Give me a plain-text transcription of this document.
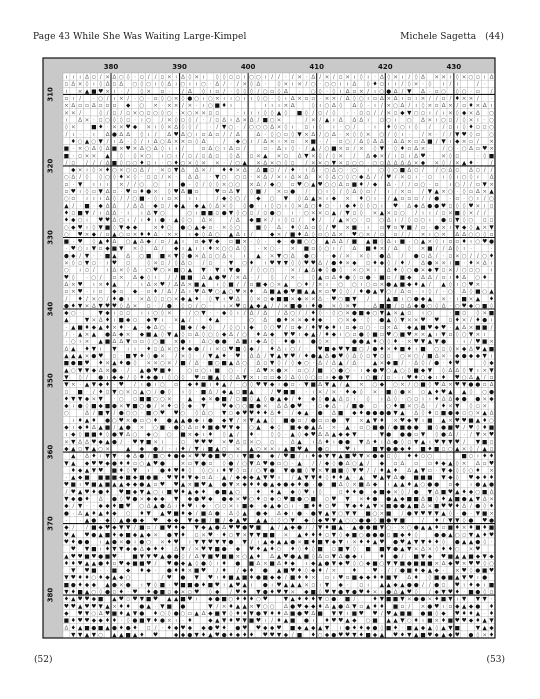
Page 43 While She Was Waiting Large-Kimpel	Michele Sagetta (44)
ı ı ı ∆ ▫ ∕ × ∆ ○ ◊ · ▫ ∕ ∕ ▫ × ı ∆ ◊ × ı ◊ ◊ ▫ ▫ ı ○ ○ ı ∕ ∕ · ∕ × · ∆ ∕ × ∕ ▫ × ı ◊ ı · ∆ ◊ × ı ∕ ◊ ∆ × × ı ◊ × ○ ▫ ı ∆
▫ ∆ × ◊ ı ◊ ∆ ▫ ∆ ○ ◊ ○ ı ◊ ∆ ı ○ ı ı ○ · ∆ ∕ · ∕ × ◊ ∆ · ◊ × ı × ∕ ○ · ○ ○ ı ı ∆ ◊ ♦ ▫ ı ı ∕ ◊ × · ◊ ı ∕ ı	∕ ·
ı × ▲ ■ ♥ × ı · ∕ ◊ × ▫ · ∕ ∆ ◊ ı ▫ ∕ · ◊ ◊ ◊ ∕ ○ ▫ ◊ ∆ · ○ ◊ · ◊ ı ∆ ▫ × ∕ ı ○ ● ∆ ∕ ▼ ∆ · ▫ ○ ◊ ○ · ▫ ∕
▫ ı ∕ · ○ ∕ ı × ∕ · ○ · ▫ ◊ ○ × ◊ ● ○ ı ○ × ı ı ○ ı ı ◊ ○ · ◊ ı ∆ × ▫ ▫ · × × ∕ ∆ ◊ ○ ı ▫ ∆ × ∆ ı ▫ ı × ∕ ∕ ▫ ∕ ♦ × × ∕ ·
× ∆ ▫ ▫ ∆ ▫ ▫ ▫ ◆ ○ × · × × ∕ × · ı ○ ■ ♦ ı	ı ı ı × ∆	◊ ı ○ ∆ ◊ ∆ ◊ · ı ∕ × ○ ∆ ∕ ı ◊ × ▫ ∆ × ∕ ▫ ♦ × ∆ ı
× × ∕	◊ ∕ ▫ ∕ ▫ × ○ ▫ ○ ◊ ○ · × ○ × × ▫ ▫	· ı ı ı ◊ ◊ ▲ ◊ ■ ◊ ∕ ▫ ∕ ◊ · · ▫ ▫ ∕ ∕ × ▫ ◆ ▼ ○ ▫ ı ∕ ı × ◊ ◆ × ∆ ○
ı ∆ × · ▫ ○ ◊ ◊ ▫ · ı ○ ∕ × ◊ ▫ ◊ ∕ · ∕ ▫ ∆ ı ∆ × ∆ ∕ ■ ○ ×	∕ × ∕ ▲ ı ∆ ∆ ∆ ı ▫ ○ ı ○ ∆ × ı ○ ▫ ∕ ◊ × ı · ○
◊ ×	■ ♦ · × × ♥ ◆ × ı ◊ × ∆ ◊ ◊ ∕ · ∕ ▼ ○ · ∕ ○ ○ ○ ∆ × ◊ ı ▫ ı ◊ ı · ○ ∕ · ı ♦ ◊ ○ ı ◊ ∕ ∕ ▫ ı ◊ ♦ ▫ ▫ ○
∕ ı · · ı ∆ ● ∆ ∆ ◊ ı ∕ ∆ ♥ ∆ ○ ı ▫ ∆ ▫ ∕ ∕ ∆	∆ · ◊ ○ ▫ ◊ ▼ × ∆ ∕ ○ ∆ · × ◊ ◊ × ○ ∕ ◊ ı · ∕ × · ∕ ∕ ▼ ♥ ◊ ▫ ○
♦ ○ ▲ ○ ▼ ∕ ı ∆ · ◊ ∕ ı ∆ ○ ∆ × × ▫ ◊ ∆ · ∕ ◆ ○ ı ∕ ∆ × ı × ▫ × ■ · ∕ · ▫ ○ ∕ ∆ ◊ ∆ ∆ · ∆ ∆ × ▫ ∆ ■ ∕ ▼ ı ◆ × ▫ ∕ ×
■ · × ○ ∆ ◊ ∆ ■ × ♥ × ∆ ○ ∆ ◊ ı ı ∕	▫ ∆ ○ ı ∆ ▫ ∕	▫ · ∆ ı ◊ · ∕ ▲ ∕ ○ ■ × ▫ ∕ × ◊ ▼ · ◊ ♦ ▫ ∆ × · ∕ ○ · ○ ∆ ▫ ♥ ×
■ · ▫ × × ▲ ◊ · ◊ × ○ ı ○ ı ∕ ▫ ∕ ▫ ∆ ▫ ◊ ∆ ▫ × ▲ × ▫ ∆ ▼ × ◊ ∕ ◊ × ∕ ∆ ◆ × ∕ ı ▫ ı ∆ ♥ · × ◊ ▫	· ◊ ■
∕ ▫ ∕ ∕ ∕ ∆ ■ ◊ ○ ○ ♦ ▫ ı · ○ ♦ ○ × ◊ × × · ∕ ○ ▲ × ∆ × ○ ◊ ▫ ∕ × × ○ ▼ × ▫ ○ ○ · ○ ▫ ∆ ∆ ∆ ∆ × ◆ × ◊ ∕ × ▲ ♦ · ∕
◆ × ı ◊ × ♦ ○ × ○ ▫ ∆ ∕ · × ▫ ▼ ∆ ∆ × ∕ ♦ ♦ × ∆ · ∆ ■ ▫ ∕ ∕ ♦ · ı ∆ · ○ ∆ ○ · ○ ı ○ ◊ ○ ■ ∆ ▫ ∕ ∕ ○ ∆ ▫ ∆ ▫ ∕ ∕
○ ∆ ∕ ◊ ◊ ○ ◊ ♦ × ◊ · ▫ ▫ ∕ × · ∆ ∆ · ▼ ○ ○ ▫ · × ∆ ∕ × ı ∆ × ∆ × ◊ ∆ ○ ◊ ○ ◆ ∆ ∕ ∕ ♥ ∕ × ▫ ı · ▫ ı ◊ ı ○ ◊ ı ∆
▫ · ▼ ı ı ı × ∕ ∕ ○ ○ ı ● · ◊ ∕ ◊ ◊ × ○ ○ × ∆ ∕ ◆ ○ ▫ ♥ ○ ▲ ♥ ○ ○ ∆ ▫ ■ ♦ ∕ ◆ ∆ · ∕ ∕ ▫ ○ · ▫ ı ○ ∕ ∕ ▫ ▼ ×
▫ ♥ ı ◊ ▫ ▼ ∆ ▫ · ♥ ▫ ♦ ● × ◊ ♥ ∆ ■ ▫	♥ ▫ ∆ ▼ ◊ ■ ∕ × ▫ ● ∕ ○ ı ◊ ∕ ◊ ∆ ◊ ▫ ∕ ı ∕ × ▫ ∕ ▼ ▲ × ○ · ◊ ▫ ∆ × ▲
○ ▫ ı ı ı ∆ ◊ ∕ ∕ ○ ■ · ◊ ı ▫ × ı ı	∕ ◆ ◊ ○ ∕ ◆ ○ ▼ ◊ ∆ ▲ × ı ◆ × ♦ ○ ı · ∕ ▲ ▫ ▫ ▫ ∕ ∕ ● · ▫ · ○ ı ∕ ○
▲ ∕ · ■ · ◆ ∆ ∆ ∕ ∆ ∆ · ◆ ▫ ∕ ◆ ▲ · ◆ ▲ ◊ ∆ × ◊ ◊ ● · ı ◊ ○ ı ◊ × ∆ ○ ♦ ▫ · ı ◆ ♦ ◊ ◊ ○ ı ♥ · ∆ ◆ ∆ ● ● ♥ ▫ ◊ ◊ ♥ × ı ▫
♦ ▫ ■ ▼ ∕ ı ∆ ∆ · ı ı ∆ ▼ ○	○ ı ■ ■ ▫ ● ▼ ◊ ○ ▫ ∕ ▫ ● ○ ı · ○ × × ▫ ▲ ∕ ▼ ▫ ◊ × ▲ × ▫ ○ ∕ ı ı ∕ ▫ × ■ ◊ × ∕ ∕ ·
♦ ◆ ○ ı ♥ ♥ ∆ ○ ı ∕ ı ♦ ı ● · ▲ ◊ ○ ∆ ×	∕ ∆ ◆ ■ × ∕ ı ◊ ▫ ∕ ♦ ∕ ∕ ▲ × ○ · ▫ ○ ∆ ı ∕ ◊ ▫ ○ ı · ● ▫ ▼ ◊ ○ ▫ ▫
○ ◆ ♥ ı ◊ ▼ ■ ◊ ▼ ◆ ◆	× ♦ ○ ● ○ ▲ ◆ ▫ · × ◊ ○	■ ◊ · ∆ · ♦ ◊ ∆ ▫ ◊ ∕ ♥ × ■ · ı ▫ ▼ ▫ ▼ ■ ∕ ▫ · ● × ı ▼ ◆ ◊ ▲ × ▼
○ ♥ × ◆ ∕ ▫ ▲ ○ ▫ × ♦ ♦ ∆ · × × ı ◆ ◊ ∆ ○ · ▲ ∆ ı ∕	◆ × ∕ ■ ♦ ∆ ◊ ▫ ○ ∆ × · ♥ ○ × ∕ ▫ ▫ ∕ ∕ · × ı ○ × ∆ ∆ ○ ○ ◊ ▫
■ · ♥ ◊ ▲ ♦ ∆ ○ ▲ ∆ ◆ ∕ ▫ ∕ ▲ ı ▫ ◆ ▼ ◆ ▫ ■ × · ◊ · ◆ · ● ■ ○ ○ ▲ ∆ ∆ ∕ ■ ▲ ■ ◊ ∆ ı ■ · ○ ▲ × ◊ ı ▫ ▫ ♦ ı ○ ♥ ●
· ♥ ○ ı ▼ ▫ ◆ ■ ▼ × ◊ ∆ ∕ ◆ ı ▲ ı ı ♦ × ○ ○ ∆ ◊ · × ○ · × ■ ▫ ◊ ○ ı ∕ ∆ ■ ♦ × ∕ ∆ ◊ × ■ ∕ ∕ ∆ ◊ ı ·	·
● ◆ ∕ ▼ · · ■ ▲ ∆ ○ ■ ■ × ▼ ◊ ● × ∆ ▫ ○ ∆ ı ı ▲ · × ▼ ○ ∆ ● ○ · · ◆ ∕ × × ◊ · ● ∆ ∕ ● ▫ ∆ ∕ · ▫ × ○ ∕ ∕ ○ ♦
× ◊ ▫ ▼ ▫ · ı ♥ ▫	◊ × ▫ ∕ ◊ ∆ ▫ ∕ ▫ · ▼ ○ ♦ ı ♥ ▼ ▼ ◊ ◊ ♥ ♥ ∆ ∕ ● ♦ × ◆ ▫ ♦ ◆ ◊ ∕ ♦ ∕ ∆ ● × × ı ■ · ♦ × ∆ ı
○ ı ▫ ∕ ı ∆ × ◊ ∆ · ○ ♥ ○ × ■ ○ ▲ ▼ · ▼ ı ▼ ● ∕ ◊ ○ ○ · × ∕ ▲ ∆ ◆ ◊ ● ◊ · × ○ × ı ∆ ♦ ◊ ○ ● × ◆ ▼ ▫ × ∕ ○ ▫ ○ ı
♥ ◊ · ○ ∕ ▫ × ∆ ◆ ◊ ı ∕ ∕ ■ ■ ∆ ▲ ● ♥ ∕ × ∆ · ∕ ◊ ∕ × · ◊ ▲ ▫ ∆ ♦ ● ◊ ▫ ● · ■ ▫ ∕ ■ ◆ ∆ ∆ ∕ ▫ ı ♦ ∆ ○ ♦
∆ × ♥ ı × ♦ ▲ ∕ · ı ∆ × ♥ ∕ ∆ ∆ × ■ ▲ ı ◊ ■ ∕ ∕ ▫ ■ ◆ ○ × ▲ ○ ♦ ∕ × ı · ○ ○ ı ○ ▫ × ● ▲ ■ ◆ ♦ ▲ ∕ ▲ ◊ ı ○ ♥ × · ·
▫ × ♥ · ı ▫ ◆ ▫ ◆ · ▫ ♦ ∕ ∆ ∕ ∆ ı ♥ ∆ ♥ ○ ▲ ○ ♥ × ♦ ∆ ■ ▲ ● ♥ ■ ▲ ▲ × ▫ ♥ ◊ ◊ ∕ ♦ ● ▲ ▼ ○ ∕ ∆ ▫ · ı ◊ ∕ · ○ ∆ ◊ ■ ○ ▲
∕ ♦ ∕ × ○ ∕ ♦ ● ı · × ∆ ◊ ▫ ○ × ◆ ▲ ♦ · ◊ ▼ ı ♥ ∆ ◊ × ▫ ◆ ■ ■ × ◆ × × ∆ · ♥ ○ ■ ▼ ∕	▲ ■ ı ○ ● ◆ ▲ × · ı ■ × ▲ ♦
● ♦ ▼ × ∆ ▼ ♥ ♥ ◊ ∆ × ▫ · ∕ ● · ◊ ▫ ∕ ○ · ı × ♥ ▫ ▲ ◆ ▲ ∕ ∕ × ■ ● ı ♦ ● × ◊ × ▼ · ∆ ■ ■ ∕ ▫ ∆ ◆ ● ○ ◊ ∆ · ○ ♥ ◆ ○ ■ ◊
◆ ○ ·	▼ ◆ ı ▫ ▫ ı ı ○ ◊ × · ∕ ○ ▼ · · ◆ ◊ ı ∕ ∆ ∕ ∆ ∕ ∆ ○ ∕ ∕ ♦ ◊ · ◊ ○ × ● ■ ◆ ○ ▼ ▲ × ▲ ▫ ı ○	· ■ ▫ ◊ × ■
▲	▼ × ∆ ♦ ı ■ ◆ ▫ ◆ ▼ ı × ▲ ∕ · ♦ ▲ · ·	○ ∆ ● ♦ × × ◆ ♦ ◆ · · ○ × ◆ · ◊ · ● ▲ ◊ ▼ × × ♥ · ♥ ▫ ♦ × ∕ ♦ ● ı
· ▲ ■ ♦ ◆ ▲ ♦ × ♦ · ▲ · ◆ ∆ ○ · ■ ◆ ∕ ◆ ◊ ∕ ◊ ○ ı ◆ ◊ ○ ♥ ∕ ▫ ◆ ∕ ♦ ▼ ◆ ♦ ı ▫ ◆ ▫ ○ · ▫ × ∆ ◆ ▲ ■ ♥ ◆ ♥ · ▲ ∆ × ■ ■ ∕
∕ · ▲ × ▲ ● ∆ ◆ × ◆ ■ ▲ ◊ ▼ ▲ ◊ ▫ ∆ ◊ ○ ◊ ◆ ∆ ∕ ○ ♦ ∆ ◆ ▼ ♥ ı ◆ ▲ ∕ ♦ ◆ ı ○ ▫ ● ◊ ■ ▫ ♥ ○ ■ ♥ × × ▲ ı ▼ ▫ ◊ ○ ▼ × ı
· ○ ı × ▲ ■ ∆ ∆ ▼ ▫ ▫ ◊ ○ ■ × ● ı ∆ ○ ● ● ∆ ■ ı ◆ ∆ ◊ · ♦ ● ı ● ◊ ×	● ● ▲ ♦ ○ ◊ ♦ · × ♥ ▼ ▲ ▼ ● · ı ∕ ♥ ■ ×
∆ ▲ ♦ ▼ ı ▼ ı ı · ♦ ▫ ∆ × ○ ♦ ◆ ● ∕ ı × ▫ ♥ ■ ◊ ◆ ∕ ♦ ∆ ı ○ ∕ · ♥ ■ ◆ ♥ ▼ ■ ○ ∕ ● ♦ × ♦ ■ ♦ ı ■ ○ ▫ ◊ × ◆ ∆ ♥ ▲ ■
▲ ▲ ▲ × ● ♥ ▫ · ■ ▼ ♦ ◊ ● × ∕ × ◊ · ∕ ▼ ▲ ♦ · ♥ · ∆ ∆ ∕ ▼ ▲ ▼ ♥ ∕ ♦ ● ▲ ∆ ● ♥ ◊ ∆ ◊ ▫ ▼ ▫ ▫ ○ × ○ ∕ ■ ∆ × · ◆ ● ◆ ◆ ▼ ı
■ ● ■ ♥ ♦ × ▲ ♦ ● ◊ × × ○ × ∕ ■ ∕ ∆ · ■ ○ ■ ▲ ∆ ○ ∆ ▫ ▼ ◊ ∕ ◊ ◆ ○ · ∆ ∕ ∆ ▲ ∕ ∆ · ▲ × ◆ ■ ∕ · ∆ ◊ ∕ ● · ♦ ♥	◊ ◆
▲ ○ ▼ ▼ ◆ ∆ × ● · ∕ · ▲ ● ♥ ■ ♦	○ ▫ ○ ı ■ ○ · ∕ · ∆ ♥ × ● × · ▫ ○ ∕ ■ ○ ● ○ · ı ◆ ● ♥ ○ ▲ ○ ◊ ■ ◆ ▼ ◊ ∆ ∆ ◊ ▼ ı × ▼
▼ ◊ ∕ ● ı ◆ ◆ ∕ ◊ ♦ ◆ ● ı ◊ ○ ◊ ♥ ▫ ■ ▲ ◊ ◊ ∆ ▼ × ı ▫ ▫ ◆ ◊ ∆ ◊ ◊ ○ ▫ ı ◆ ● ▼ ı ○ ■ ∕ ▫ · ı ♥ ♦ ○ ◆ ı ♦ ♥ ○ ∆ ▲ ∕ ▫
▼ × · ▲ ▼ ◆ ♦ · ♥ ∕ ı ● ı ○ ▫ ◆ ♦ ■ ı ♦ ▲ ∕ · ○ ◊ ♥ ▼ ◆ ı ● ▫ · ▼ ■ ∆ ▼ ▲ ∕ ▲ × ○ ◆ ○ × ∕ ○ ■ ◊ ♥ ∆ × ♥ ▼ ● ● ▫ ∆
▫ ■ · ∕ ♦ ▫ ▼ ○ × ▫ ▲ ○ ∕ ● ◊ ı ◊ · ■ ∆ ∕ ◆ ▲ ▫ ■ ▲	∕ ♥ ■ ■ · ı × ∕ × · ♦ ◆ ◊ × · ■ ◊ ● × ▫ ▲ ♦ ♥ ▲ ▲ ◊ ○ ●
♦ ▼ ▼ ◆ × ▼ · ○ ▫ ■ ■ ○ ○ × · ▲ ◆ × ● ■ ∕ ▫ ■ ◊ ▲ ◊ ● ▲ ◆ ∕ ♦ ◆ ◊ ● ▲ ∆ ▫ ı ◊ ı ∆ ◊ · ○ ▫ ı ı ♦ ∆ ∆ ◆ ● ● × ◆
◆ ı ● ◊ ■ ◆ ■ ● × ▼ ■ ○ ● ∕ × ♦ ▫ ◊ ◆ · ▼	♥ ◆ ○ ○ ■ ● × · ∆ ∆ ● ♥ · · ▫ ◆ ∆ · ∕ ■ ● ▫ · ○ ♦ ■ × ○ ∆ · ∕ ♦ × ▼ ◊ ▫ ×
○	∆ ∕ ■ ▼ ∕ ● ○ ○ · ■ ○ ♥ ♥ ○ ◊ ∆ ○ ▼ ▫ ◆ ♥ ♥ ♦ ♦ ∆ ♦ · ∕ ◆ ▲ · ● ∆ ■ ◆ ♦ ● ● ● ● ▼ ▲ ∆ ◊ ♦ ▫ ■ ● ◆ ▫ ○ × ▲ ∆
ı ♦ ▲ ♦ ● ○ ♥ × ● ▫ ○ ♦ ● ▲ ▲ ● ◆ ı ● ◆ ▼ ∕ × ▼ ▲ ▲ ◊ ■ ● ▫ ∕ ● ▫ ▫ ● ▼ × ▲ ▼ ♦ × ♥ ◆ ▼ ı ■ ▲ × ♥ ♥ ■ ▲ ♦ ○
◆ ı ◆ ♦ ∆ ▲ ■ ∕ ▲ ● × ○ ■ · ● ○ ∆ ▫ ♦ ■ ● ♥ ▼ ◆ ○ ▲ ◆ ◊ ■ ◆ ● ▲ ∆ · × · ▲ · ▫ ○ ■ ● ∕ ● ■ ● ● ■ ◊ ● ■ ♥ ∕ ♥ ◊ ♦ ■
ı ◆ ◊ ■ ■ ♦ ◊ ● ▼ ∆ ○ ◆ ○ ○ ■ × ◆ ı ♦ ◊ ▲ ∕ ♦ · ◊ ◊ · ▲ ◊ ◆ ♥ ∆ ∆ ▲ ◆ ◆ ▼ · · · ▼ ● ● ● ▫ ▼ ◊ ● ∆ ∕ · ∕ ▼ × ♥
× ▼ ∆ ∆ ♥ ◆ ▲ ● ∕ · ♥ ▼ ■ × ı · ▫ ♥ ♥ ♥ × ♥ ∆ ▫ × ○ ▫ · ∆ ▲ ı ∆ ♦ ı ● ● ▼ ∆ ♦ ı ∆ ● ◊ ▫ ▼ ▲ ı ♥ ▼ ▼ ♥ ∕ ▼ ■ ▫
◆ ▲ ▫ ▼ ▲ ○ ×	▲ ◆ ● ∕ · ı ♦ ∕ ▼ ı ■ ▲ ○ × ▲ ○ × × ı ▲ ■ ♥ ▲ ● ▫ · ♥ ı	■ ▼ ● ● ◆ ♦ · ■ ♦ ■ ▫ ○ ▲ × ◊ ∕ ▲ ▫
▲ · ∆ ♦ ı ▼ ▼ · ◆ ∆ ● ∕ ■ ○ ♦ ● ◆ × ♥ ♥ ● ■ ♥ ○ ı ▼ ■ ◆ ◆ ∕ ♥ ■ ∕ ı ♦ ◆ ▼ ▼ ▲ ■ ♥ ▼ × ● ◆ ▫ ◊ ♦ ♦ ▫ ○	· ■ ▫ ı ♦ ♦
▼ ▲ ◆ ♥ ♥ ◆ ● ♦ ♦ ▫ ○ ▲ ♥ ●	× ▫ ▼ ● ▫ ◊ ● ∕ ○ ▼ ∆ ♥ ● ▫ ○ · ▲ ∕ ∕ ◆ ◊ ● ∆ ○ ▲ ∕ ◆ ▫ ∆ ▫ ▫ ♦ ◆ ▲ ◊ × ∆ ▫ ♥
♦ ◆ ▲ ▼ ♥ ■ ♦ ◊ ▼ ı ● ♦ ♥ ♦ ◊ ◊ ○ ı ♦ ▼ ◊ ▫ ∕ ○ ▼ ● ▼ ● ■ ◊ ▼ × ▼ ■ ■ ◊ ▼ ♥ ∕ ∕ ♦ ▲ ♦ ∆ ▲ ▼ ▫ · ▼ ◆ ◊ ◊ ○ ♦ ×
· ▲ ◆ ■ ■ ■ ■ ◆ ■ ◆ ■ ● ■ · ♥ ▼ ♦ ▼ ◆ ▫ ∆ · ▲ ∕ ◆ ◆ ◆ ▲ ▼ ♥ ı ∕ ▲ ▼ ▼ ♦ ◊ ♦ ♦ ▲ · ▲ ♥ ▲ ▼ ∆ ● ■ ■ ■ ▼ ◆ ◊ ♥ ◆ ♦ ♦
♥ ■ ı ♥ ■ ▲ ■ ▲ ▲ ◆ ◆ ● ▲ ▫ ♥ ♥ ▲ × ■ ♥ ▲ ● ▼ × ◆ ♦ ♦ ● ▲ ◆ ● ◆ ♦ ● · ● ■ ∆ ◊ × ■ ∆ ◆ ı ▲ ▲ ♦ ▲ ○ ● ● ▫ ◆ ı ● ▲ ●
∕ ♥ ▲ ♥ ♦ ● ♦ ♥ ■ ◆ ▼ ▲ ○ ı ■ ♥ ♦ ▲ ◆ ♦ ● ■ ▲ ○ · ♦ ♦ ▲ · ◆ ◊ ♥ ı ◊	▫ ♦ ♦ ● ◆ ■ ◆ × ◊ ∕ ● ▼ ∆ ■ ♥ ▲ ♦ ◆ ○ ■ ∆
▼ ◆ ● ♦ ∆ · ● ◊ ♥ ● × ◆ ◆ ◆ ▼ ◆ ● ♥ ◆ ● ◆ × ♥ ○ ♦ ▫ ◆ ▫ ♥ ■ ● ○ ■ ▫ ♥ ▼ × ♦ ● ● ▲ ◆ ■ ■ ∆ ■ ◊ ♦ ▲ ■ ● ▲ ▼ ∆ ×
◆ ∕ ▼ · · ◆ ◆ ♦ ■ ♥ ○ ∆ ▲ ● ∆ ı ♦ ♥ ı ◆ · ○ ▫ × ı ■ ◆ · ◆ ▲ ◆ ▫ ı · ■ ♦ ♦ ▫ ♥ ▼ ◆ ♦ ▲ ▼ × ■ ● ● ▲ ■ ∆ × ■ ♥ ♥ ♦ ∆ ∕ ● ◊ ♦
● · ∆ ▲ ♦ ▲ ♦ ◆ ○ ♦ ▼ ▲ ♥ ■ ♦ ◆ ∕ ■ ∆ ● · ∆ ◊ ▲ ● ◆ ∆ ◆ ı ● · ● ▼ ▲ ▼ ○ ▼ ▼ ■ ○ × ■ ∕ ● ▼ ♥ ▼ ▼ ▲ ◊ · ● · ▼ ■ ×
· · ▲ ● · ◆ ◊ ▲ ● ● ◆ ♥ ◆ ◆ ▼ ◆ ■ ∕ ■ ∕ ◆ ▲ ♥ ▲ ▲ ◊ ◊ ○ ▼ ◆ ◊ ◆ ♥ ▼ ▲ ○ ○ ● ● ◊ ■ ● ▼ ■	∕ ♦ ∕ ▼ ▼ ◊ ● ♥ ●
◆ ∕ ∕ ■ ◆ ♥ ◆ ▼ ▼ ∕ ■ ▫ ∕ ■ ♥ ♦ ◆ ▼ ◆ ▲ ● ∆ ♥ ♥ ● ♥ ■ ▲ ∕ ▲ ◆ ● ∕ ∕ ▼ ♦ ■ ▲ · ▲ ● ● ■ ▼ ○ · × ○ ● ▲ ▲ ♦ ▫ ■ ♦ × ♦ ■ ♦ ■
♥ ▲ ♥ ● ▲ ■ ♦ ◆ ■ ◆ ▲ ◆ × ● ▼ ♦ ▫ × ♥ · ♦ ▫ ▼ × ▼ ▼ ■ ■ · × ▲ ♦ ♦ ♦ ▫ ▼ ◊ ◆ ■ ○ ● ● ● ▫ ■ ◆ ♦ ◊	● ● ▲ ○ ▫ ▼ ▲ ♦ ♥
♥ ♦ ● ● ı ▲ ● × ● ı ● ○ × ♦ ♥ ı ▼ ▼ ♥ ▼ ▼ ● · ▼ ∕ ı ▲ ◆ ▲ ▲ ● × ■ ♦ ■ ▼ ◆ ▼ ı × ♦ ♦ ▲ ♥ ● ♥ ▲ ▼ ▼ ♦ ♦ ◊ ● ▲ ▲ ● ◊ ·
♥ ▼ ■ ı ♦ ▼ ▼ ◆ ◆ ∆ ◆ ♦ ♦ ∆ ▼ ∕ × ♥ ▼ ■ ● · ◆ ♥ ♦ ▲ ♦ ▫ ♦ ◊ ♦ ◊ ■ ▫ ■ ▼ ◊ ■ ■ ▼ ● ▲ ▼ × ∆ × ◊ ♦ ♦ ○ × ♥
▲ ♥ ♥ ■ ♥ ● ■ ♥ · ■ ▼ ▼ ♥ ▲ ● ● ◊ ∕ ∆ ▼ ■ ♥ ■ ■ × ○ ▲ ♦ ∆ ▲ ♥ ● ▲ ■ ◊ ∆ ▫ ▼ ∆ ● ◆ ı	♦ ● ∕ · ■ ▼ ◆ ♥ ■ ▲ ▲ ■ ◆ ▼ ◆
♦ ♦ ♥ ▲ ▲ ● ♦ ▫ ♥ ◆ ■ ■ ♥ ∕ ♥ ● ◆ ▲ ◊ ● ◊ ı ♦ ● ■ ∆ × ■ ∆ ♦ ◆ ı ◆ ▲ ● ▼ ◆ ♥ ◊ ○ ◆ ■ ○ ▼ ▼ ■ ● ■ ■ ■ × ∆ ◆ ♥ × ♥ ♥ ◊ ○
▼ ♥ ■ · · ■ ◆ ♦ ◆ · ● ♦ ♦ × ■ ♥ ∕ ♦ ∕ ◆ ♦ ● ▲ ■ ♥ ♦ ◊ ◆ ♦ ∕ ×	♦ · ♥ · ∕ ∕ ● ■ ♦ ◆ ▲ ◆ · × ♥ ◊ ● ■ ♥
▼ ♥ ♦ ♦ ○ ♦ ◆ ▲ ◆ ○	∕ ♥ ● ▼ ♥ ı ♦ ■ ▲ ■ ♦ ● ■ ◆ ◆ ∕ ■ ♦ ♦ × ▫ ı ♥ ▫ ■ ◆ ◆ ♦ ♦ ■ ▼ ∆ ♦ ◊ ■ ● ■ ▲ ▼ ♥ ı ●
■ ● ♦ ◆ ◆ ▲ ● × ● ı ▼ ◊ ■ · ♥ ■ ■ ● ♦ ■ ♥ ı ▲ ♥ ▲ ı ● ı ♥ ▲ ▲ ▲ × ▫ ı ▼ ◆ · ▫ ı ▲ ▲ ◆ ▲ ● ● ∕ ∕ ● ▫ ♥ ı ♦ ◆ ı ■
▼ ♦ ■ ▲ ○ ◊ ● ▫ ♦ · ♥ ♦ ● ■ ▫ ◆ × ▫ ♥ ◊ ◆ ∕ ♥ ♦ ▼ ● ♦ ♥ ▼ × ◆ ■ ◊ ♥ ▼ ● ▼ ● ♥ ♦ × ı ● ∆ ▲ ♥ ◊ ∕ ◆ ▼ ♥ ♦ · ■ ● ◊ ▫
♦ ▲ ♥ ♥ ◆ ■ ▲ ♥ ▫ ♥ ▼ ■ ♥ ▲ ▲ ■ ♥ ı ◆ ● ■ ○ ♦ ♦ ♦ ○ ♥	▼ ▲ ♦ ♦ ♦ ▼ ▫ ● · ■ ∕	♦ ▼ ■ ■ ▼ × ● ● × ♦ ■ ▼ ı ▼ ▼ ▼ ·
♥ ♥ ▲ ♥ ♥ ▼ ▲ × ♦ ♦ ● ▲ · ▼ ■ ●	▼ ∕ × ♦ ▲ ▲ × ▼ ○ ○ ∆ ● ♥ ◆ ◆ ♦ ∆ ▲ ● ∆ ▼ ▫ ▲ ♦ ♦ ■ ▫ ∕ × ● ♥ ı ▫ ◆ ▲ ◆ ● ♦
◆ ♥ ▼ ○ ∆ ♥ ■ ♦ ▲ ▼ ● ♦ ○ ◊ ● ○ ▫ ▲ ∆ ◆ ■ ▼ ◊ ♦ ♦ ▼ ● ▼ ♦ ♦ ∆ ■ ● ♥ ∆ ■ ▼ ▼ ı ■ ♥ ♥ ∕ ♥ ▲ ■ ■ ● ■ ◊ ◆ ♥ ♦ ♦ ▲ · ♦
■ ♦ ♥ ♥ ◆ ◆ ♦ ♦ · ◊ ● ■ ▼ ♦ ● × ı · ♦	◆ ▲ ▼ ♦ ♥ ▼ ■ ♥ ı ∕ ♦ ▲ ■ ● ı ♦ ♥ ♥ ▲ ◆ ○ ■ ▲ ▲ ▼ ○ ♦ ı ■ × ♦ ■ ♥ ♥ ◆ ♦ ▲ ▼
∆ ♦ ▲ ■ ● ■ ▲ ● ♦ ● ♦ ▫ ∕ · ♦ ◆ ♥ ◆ ◆ ● ♥ ♦ ● ♥ ♥ ◆ ◆ ♥ ■ ◆ ▲ ◆ ▲ ▼ ı ● ♦ ♦ ◆ ● ◊ ■ ♦ · ■ ▲ ◆ ▲ ◊ ▲ ▼ ■	▼ ▲ ◆
▼ ▼ ▲ ▼ ○ ▲ ▲ ■ ▲ ♦ ♥	◆ ◆ ● ▼ ♦ ▲ ♥ ● ♦ ◆ ♦ ♦ ♥ ♥ ▼ ◆ ∕ ■ ♦ ○ ◆ ● ♥ ♥ ▼ ♦ ■ ◆ ▲ ♥ ♦ ▼ ▲ ■ ♥ ◆ ▲ ◆ ♥ · ● ◊ × ♦
380	390	400	410	420	430
310
320
330
340
350
360
370
380
(52)	(53)
